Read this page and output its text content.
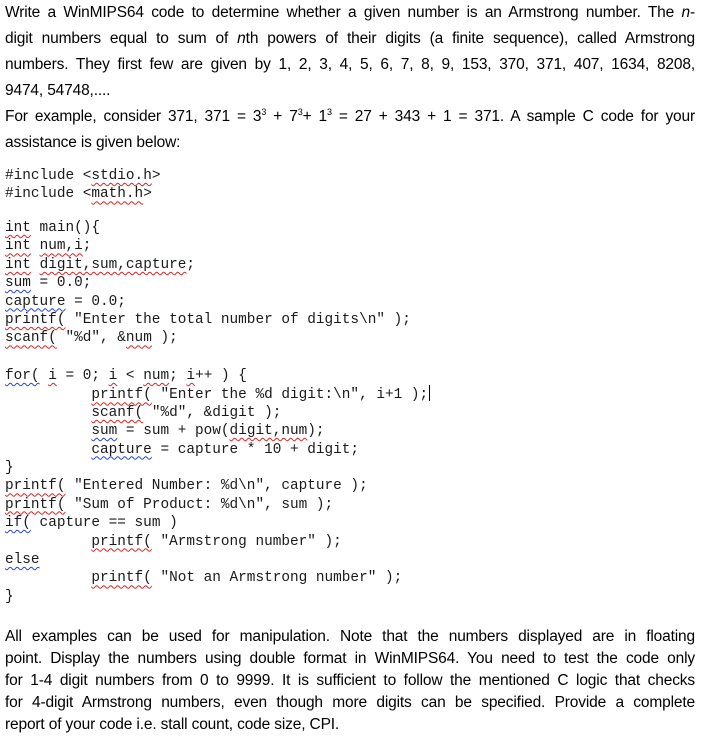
Write a WinMIPS64 code to determine whether a given number is an Armstrong number. The n-
digit numbers equal to sum of nth powers of their digits (a finite sequence), called Armstrong
numbers. They first few are given by 1, 2, 3, 4, 5, 6, 7, 8, 9, 153, 370, 371, 407, 1634, 8208,
9474, 54748,....
For example, consider 371, $371 = 3^3 + 7^3+ 1^3 = 27 + 343 + 1 = 371$. A sample C code for your
assistance is given below:
#include <stdio.h>
#include <math.h>
int main(){
int num,i;
int digit,sum,capture;
sum = 0.0;
capture = 0.0;
printf( "Enter the total number of digits\n" );
scanf( "%d", &num );
for( i = 0; i < num; i++ ) {
printf( "Enter the %d digit:\n", i+1 );
scanf( "%d", &digit );
sum = sum + pow(digit,num);
capture = capture * 10 + digit;
}
printf( "Entered Number: %d\n", capture );
printf( "Sum of Product: %d\n", sum );
if( capture == sum )
printf( "Armstrong number" );
else
printf( "Not an Armstrong number" );
}
All examples can be used for manipulation. Note that the numbers displayed are in floating
point. Display the numbers using double format in WinMIPS64. You need to test the code only
for 1-4 digit numbers from 0 to 9999. It is sufficient to follow the mentioned C logic that checks
for 4-digit Armstrong numbers, even though more digits can be specified. Provide a complete
report of your code i.e. stall count, code size, CPI.
